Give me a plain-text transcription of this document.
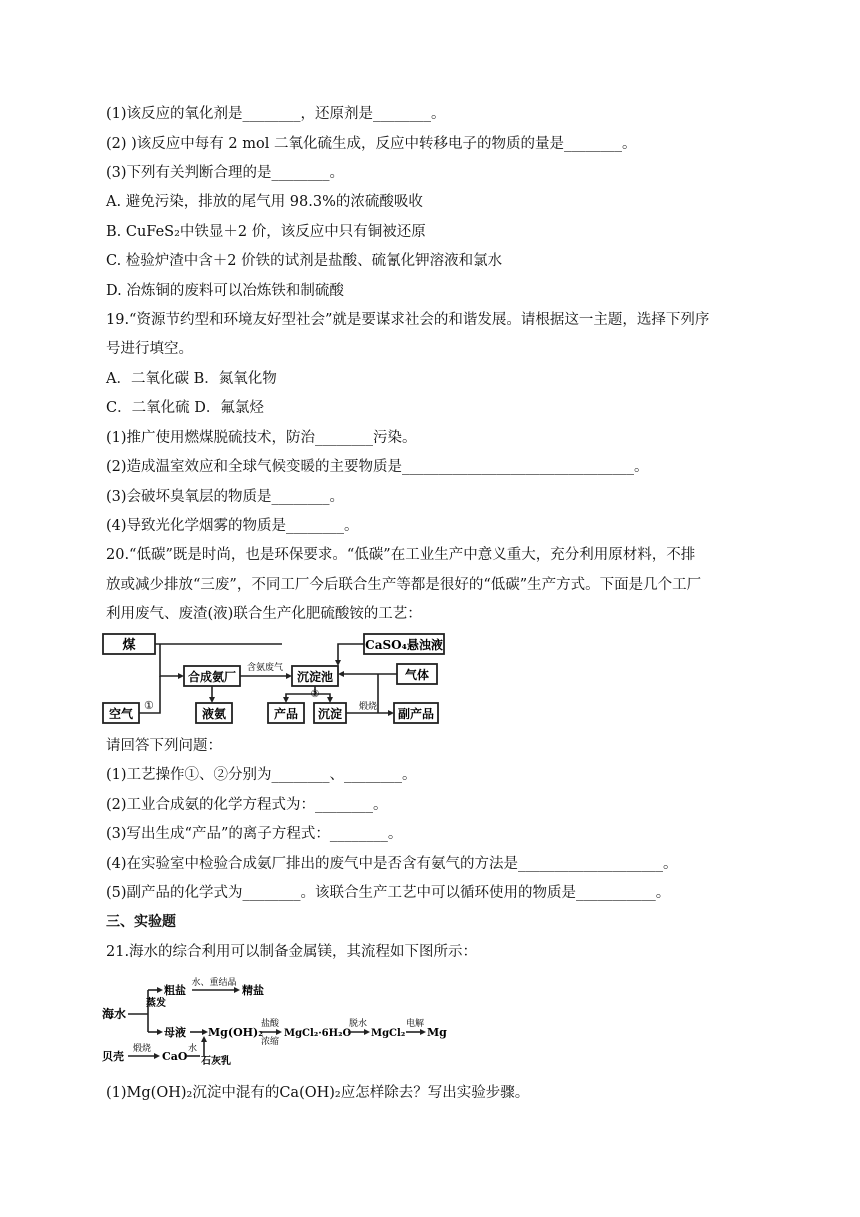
(1)该反应的氧化剂是________，还原剂是________。
(2) )该反应中每有 2 mol 二氧化硫生成，反应中转移电子的物质的量是________。
(3)下列有关判断合理的是________。
A. 避免污染，排放的尾气用 98.3%的浓硫酸吸收
B. CuFeS₂中铁显＋2 价，该反应中只有铜被还原
C. 检验炉渣中含＋2 价铁的试剂是盐酸、硫氰化钾溶液和氯水
D. 冶炼铜的废料可以冶炼铁和制硫酸
19.“资源节约型和环境友好型社会”就是要谋求社会的和谐发展。请根据这一主题，选择下列序
号进行填空。
A．二氧化碳 B．氮氧化物
C．二氧化硫 D．氟氯烃
(1)推广使用燃煤脱硫技术，防治________污染。
(2)造成温室效应和全球气候变暖的主要物质是________________________________。
(3)会破坏臭氧层的物质是________。
(4)导致光化学烟雾的物质是________。
20.“低碳”既是时尚，也是环保要求。“低碳”在工业生产中意义重大，充分利用原材料，不排
放或减少排放“三废”，不同工厂今后联合生产等都是很好的“低碳”生产方式。下面是几个工厂
利用废气、废渣(液)联合生产化肥硫酸铵的工艺：
煤	CaSO₄悬浊液
合成氨厂	沉淀池	气体
空气	液氨	产品 沉淀	副产品
①
含氨废气
②
煅烧
请回答下列问题：
(1)工艺操作①、②分别为________、________。
(2)工业合成氨的化学方程式为：________。
(3)写出生成“产品”的离子方程式：________。
(4)在实验室中检验合成氨厂排出的废气中是否含有氨气的方法是____________________。
(5)副产品的化学式为________。该联合生产工艺中可以循环使用的物质是___________。
三、实验题
21.海水的综合利用可以制备金属镁，其流程如下图所示：
海水
蒸发
粗盐
水、重结晶
精盐
母液 Mg(OH)₂
盐酸
浓缩
MgCl₂·6H₂O
脱水
MgCl₂
电解
Mg
贝壳
煅烧
CaO
水
石灰乳
(1)Mg(OH)₂沉淀中混有的Ca(OH)₂应怎样除去？写出实验步骤。
